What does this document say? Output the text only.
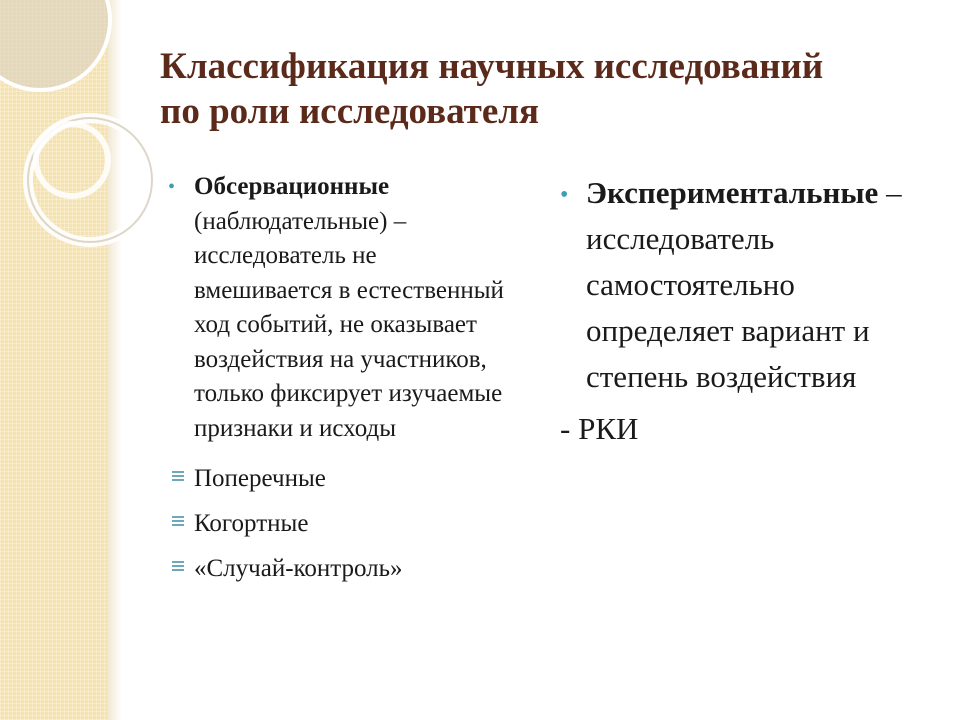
Классификация научных исследований
по роли исследователя
• Обсервационные (наблюдательные) – исследователь не вмешивается в естественный ход событий, не оказывает воздействия на участников, только фиксирует изучаемые признаки и исходы
Поперечные
Когортные
«Случай-контроль»
• Экспериментальные – исследователь самостоятельно определяет вариант и степень воздействия
- РКИ
